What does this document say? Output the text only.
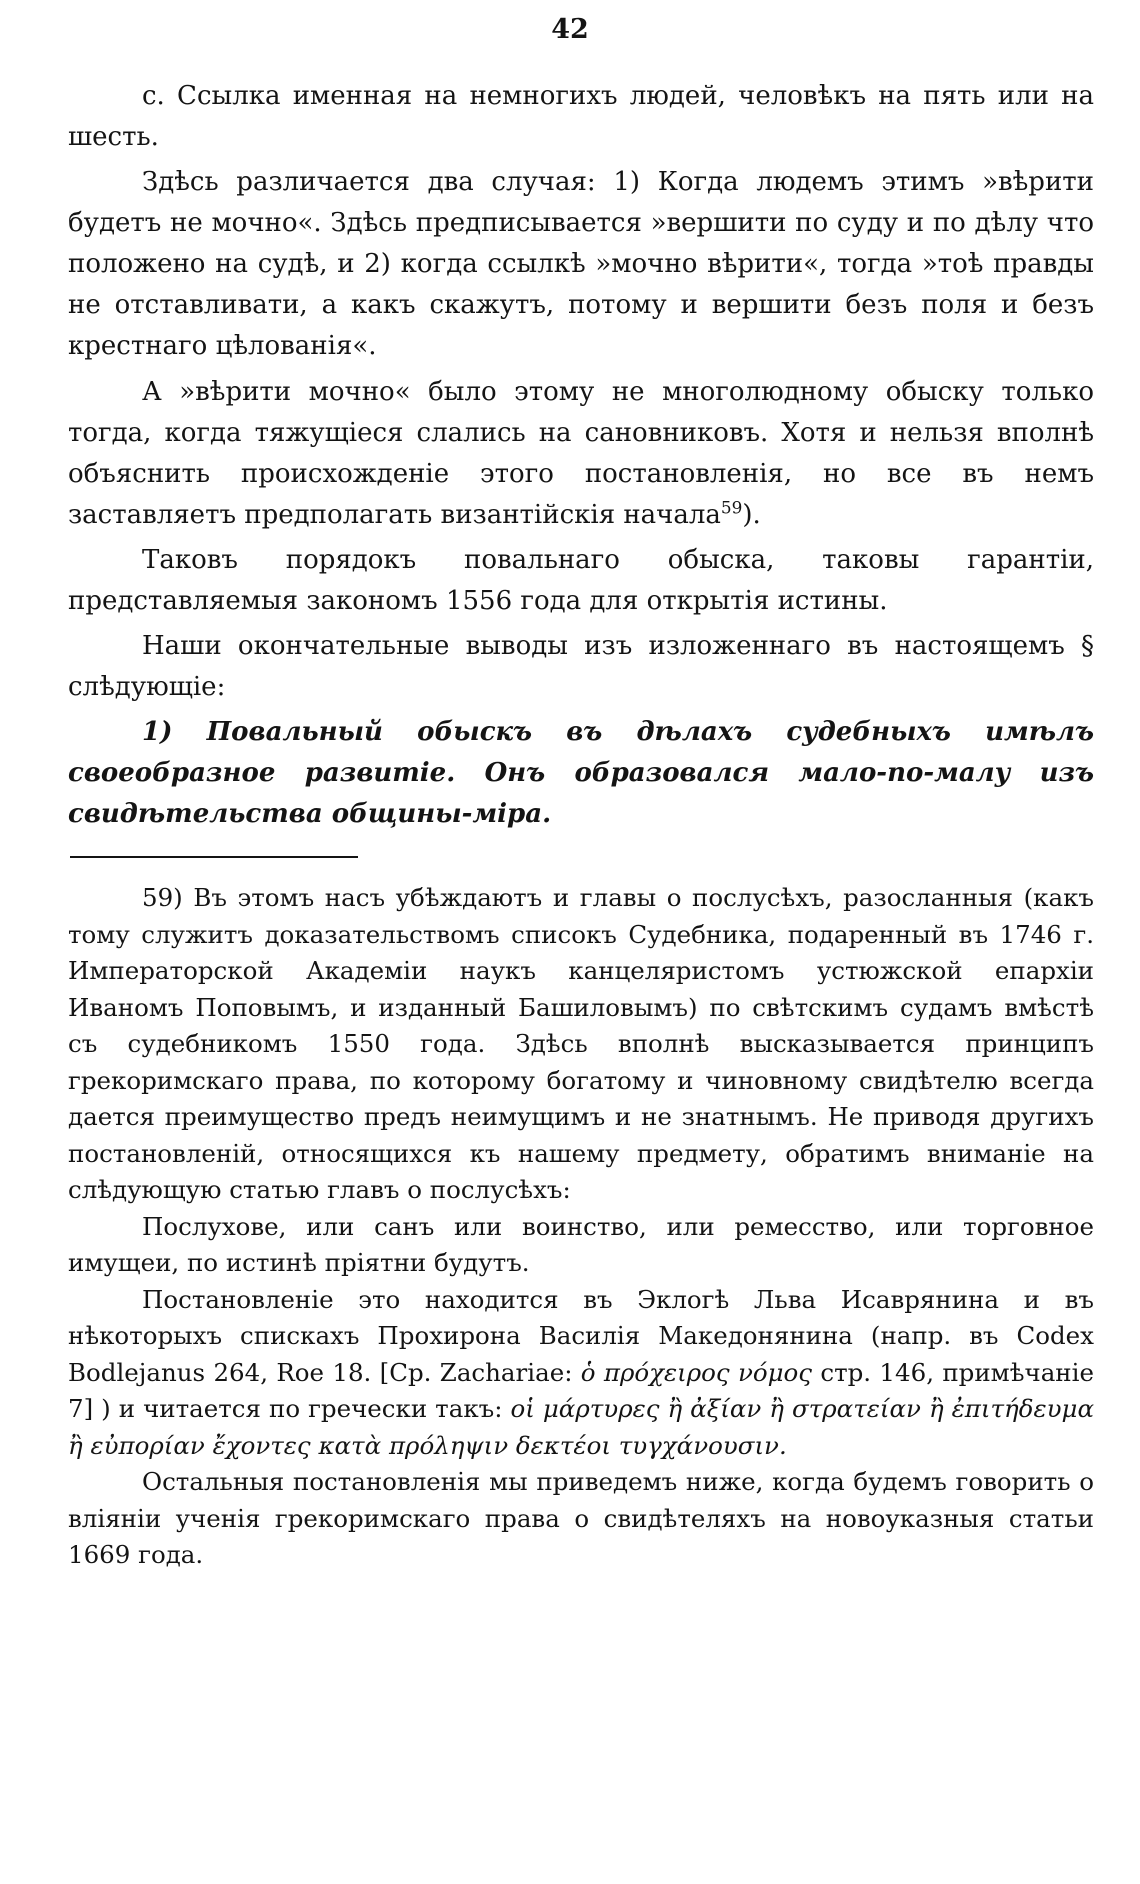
42

c. Ссылка именная на немногихъ людей, человѣкъ на пять или на шесть.

Здѣсь различается два случая: 1) Когда людемъ этимъ »вѣрити будетъ не мочно«. Здѣсь предписывается »вершити по суду и по дѣлу что положено на судѣ, и 2) когда ссылкѣ »мочно вѣрити«, тогда »тоѣ правды не отставливати, а какъ скажутъ, потому и вершити безъ поля и безъ крестнаго цѣлованія«.

А »вѣрити мочно« было этому не многолюдному обыску только тогда, когда тяжущіеся слались на сановниковъ. Хотя и нельзя вполнѣ объяснить происхожденіе этого постановленія, но все въ немъ заставляетъ предполагать византійскія начала$^{59}$).

Таковъ порядокъ повальнаго обыска, таковы гарантіи, представляемыя закономъ 1556 года для открытія истины.

Наши окончательные выводы изъ изложеннаго въ настоящемъ § слѣдующіе:

1) Повальный обыскъ въ дѣлахъ судебныхъ имѣлъ своеобразное развитіе. Онъ образовался мало-по-малу изъ свидѣтельства общины-міра.

59) Въ этомъ насъ убѣждаютъ и главы о послусѣхъ, разосланныя (какъ тому служитъ доказательствомъ списокъ Судебника, подаренный въ 1746 г. Императорской Академіи наукъ канцеляристомъ устюжской епархіи Иваномъ Поповымъ, и изданный Башиловымъ) по свѣтскимъ судамъ вмѣстѣ съ судебникомъ 1550 года. Здѣсь вполнѣ высказывается принципъ грекоримскаго права, по которому богатому и чиновному свидѣтелю всегда дается преимущество предъ неимущимъ и не знатнымъ. Не приводя другихъ постановленій, относящихся къ нашему предмету, обратимъ вниманіе на слѣдующую статью главъ о послусѣхъ:

Послухове, или санъ или воинство, или ремесство, или торговное имущеи, по истинѣ пріятни будутъ.

Постановленіе это находится въ Эклогѣ Льва Исаврянина и въ нѣкоторыхъ спискахъ Прохирона Василія Македонянина (напр. въ Codex Bodlejanus 264, Roe 18. [Ср. Zachariae: ὁ πρόχειρος νόμος стр. 146, примѣчаніе 7] ) и читается по гречески такъ: οἱ μάρτυρες ἢ ἀξίαν ἢ στρατείαν ἢ ἐπιτήδευμα ἢ εὐπορίαν ἔχοντες κατὰ πρόληψιν δεκτέοι τυγχάνουσιν.

Остальныя постановленія мы приведемъ ниже, когда будемъ говорить о вліяніи ученія грекоримскаго права о свидѣтеляхъ на новоуказныя статьи 1669 года.
